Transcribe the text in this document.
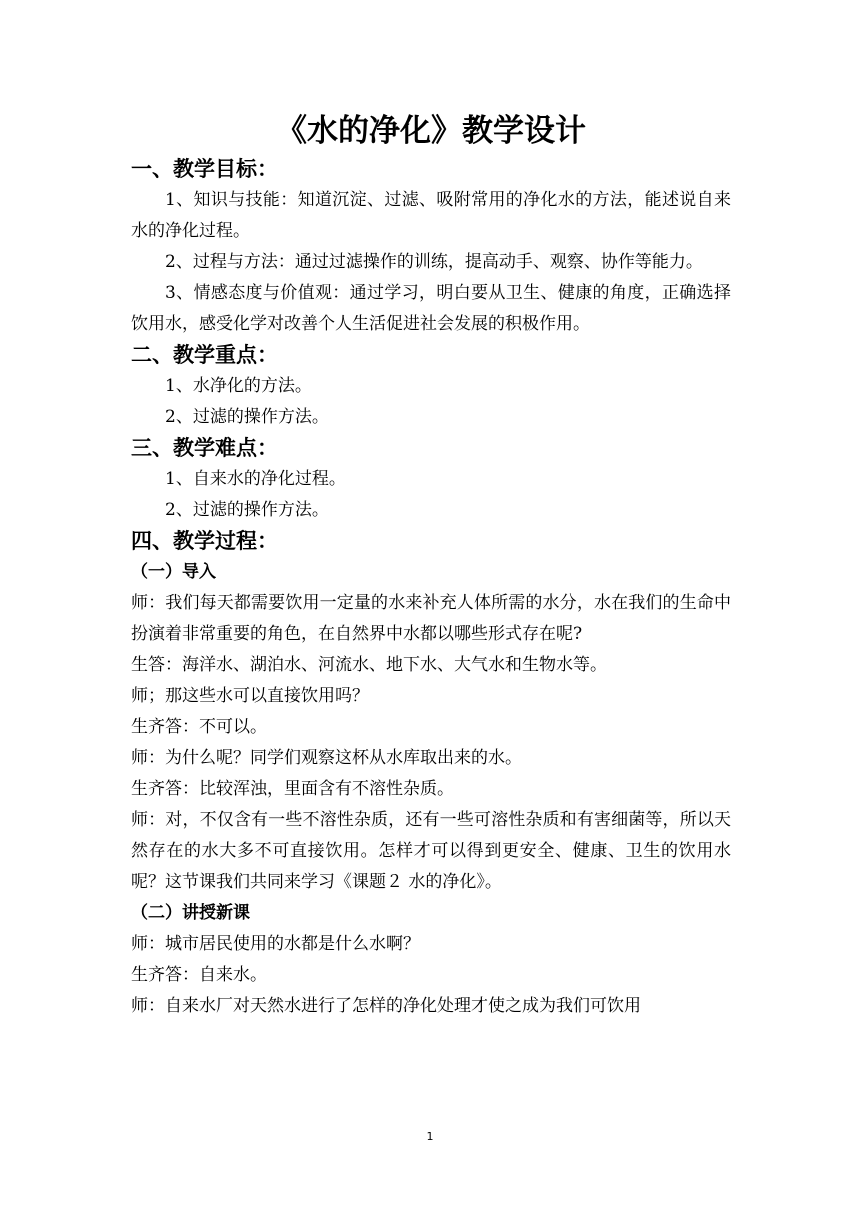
《水的净化》教学设计
一、教学目标：
1、知识与技能：知道沉淀、过滤、吸附常用的净化水的方法，能述说自来水的净化过程。
2、过程与方法：通过过滤操作的训练，提高动手、观察、协作等能力。
3、情感态度与价值观：通过学习，明白要从卫生、健康的角度，正确选择饮用水，感受化学对改善个人生活促进社会发展的积极作用。
二、教学重点：
1、水净化的方法。
2、过滤的操作方法。
三、教学难点：
1、自来水的净化过程。
2、过滤的操作方法。
四、教学过程：
（一）导入
师：我们每天都需要饮用一定量的水来补充人体所需的水分，水在我们的生命中扮演着非常重要的角色，在自然界中水都以哪些形式存在呢?
生答：海洋水、湖泊水、河流水、地下水、大气水和生物水等。
师；那这些水可以直接饮用吗？
生齐答：不可以。
师：为什么呢？同学们观察这杯从水库取出来的水。
生齐答：比较浑浊，里面含有不溶性杂质。
师：对，不仅含有一些不溶性杂质，还有一些可溶性杂质和有害细菌等，所以天然存在的水大多不可直接饮用。怎样才可以得到更安全、健康、卫生的饮用水呢？这节课我们共同来学习《课题２ 水的净化》。
（二）讲授新课
师：城市居民使用的水都是什么水啊？
生齐答：自来水。
师：自来水厂对天然水进行了怎样的净化处理才使之成为我们可饮用
1
